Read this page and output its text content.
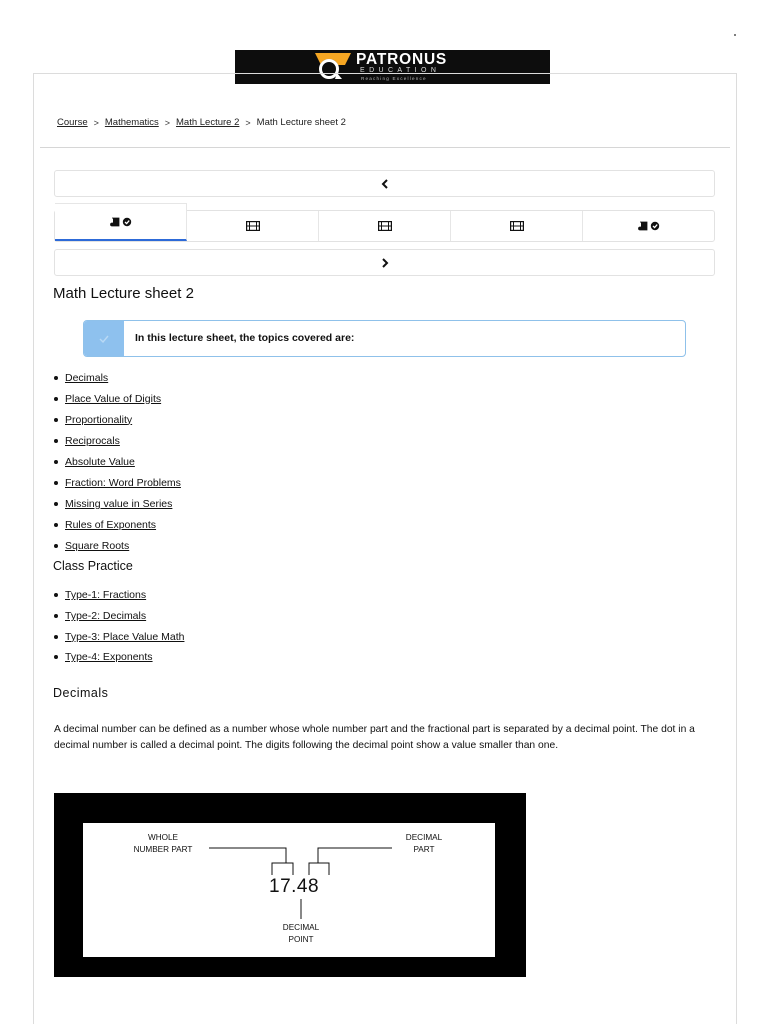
PATRONUS
EDUCATION
Reaching Excellence
Course > Mathematics > Math Lecture 2 > Math Lecture sheet 2
Math Lecture sheet 2
In this lecture sheet, the topics covered are:
Decimals
Place Value of Digits
Proportionality
Reciprocals
Absolute Value
Fraction: Word Problems
Missing value in Series
Rules of Exponents
Square Roots
Class Practice
Type-1: Fractions
Type-2: Decimals
Type-3: Place Value Math
Type-4: Exponents
Decimals

A decimal number can be defined as a number whose whole number part and the fractional part is separated by a decimal point. The dot in a decimal number is called a decimal point. The digits following the decimal point show a value smaller than one.

WHOLE
NUMBER PART
DECIMAL
PART
17.48
DECIMAL
POINT
